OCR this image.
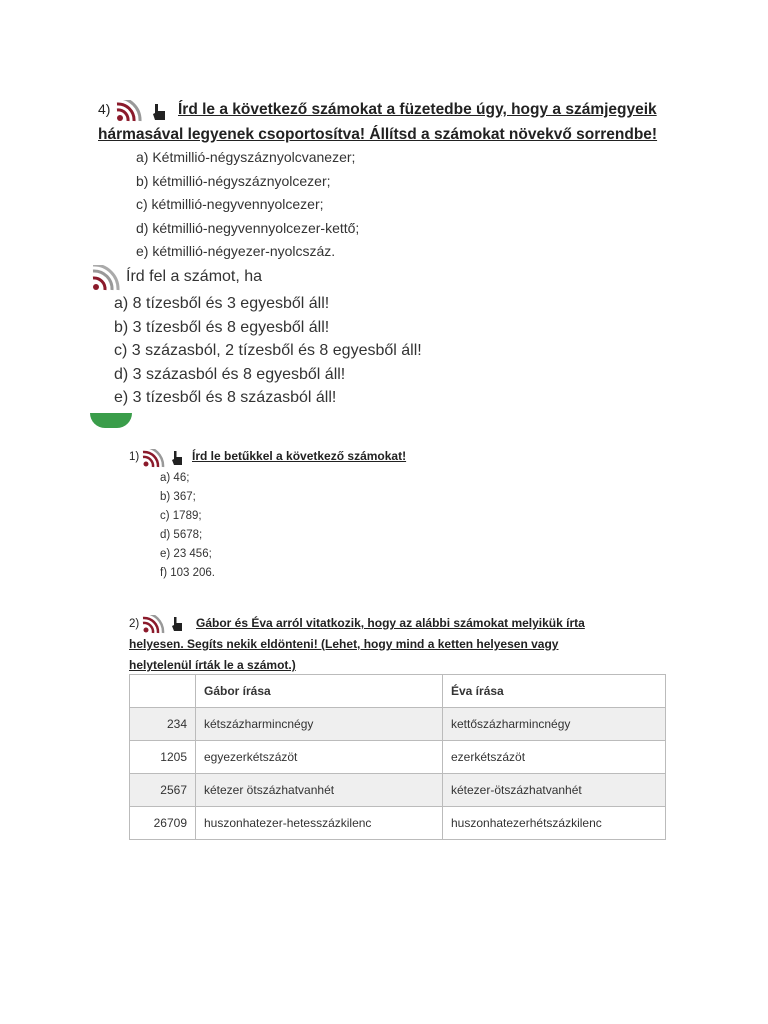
4)	Írd le a következő számokat a füzetedbe úgy, hogy a számjegyeik
hármasával legyenek csoportosítva! Állítsd a számokat növekvő sorrendbe!
a) Kétmillió-négyszáznyolcvanezer;
b) kétmillió-négyszáznyolcezer;
c) kétmillió-negyvennyolcezer;
d) kétmillió-negyvennyolcezer-kettő;
e) kétmillió-négyezer-nyolcszáz.
Írd fel a számot, ha
a) 8 tízesből és 3 egyesből áll!
b) 3 tízesből és 8 egyesből áll!
c) 3 százasból, 2 tízesből és 8 egyesből áll!
d) 3 százasból és 8 egyesből áll!
e) 3 tízesből és 8 százasból áll!
1)	Írd le betűkkel a következő számokat!
a) 46;
b) 367;
c) 1789;
d) 5678;
e) 23 456;
f) 103 206.
2)	Gábor és Éva arról vitatkozik, hogy az alábbi számokat melyikük írta
helyesen. Segíts nekik eldönteni! (Lehet, hogy mind a ketten helyesen vagy
helytelenül írták le a számot.)
	Gábor írása	Éva írása
234	kétszázharmincnégy	kettőszázharmincnégy
1205	egyezerkétszázöt	ezerkétszázöt
2567	kétezer ötszázhatvanhét	kétezer-ötszázhatvanhét
26709	huszonhatezer-hetesszázkilenc	huszonhatezerhétszázkilenc
